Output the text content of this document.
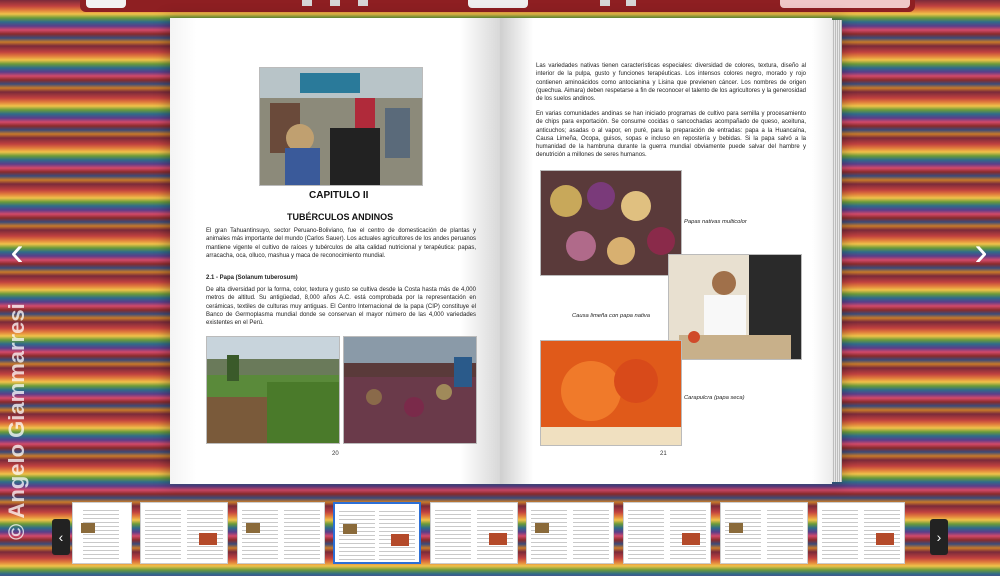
CAPITULO II
TUBÉRCULOS ANDINOS
El gran Tahuantinsuyo, sector Peruano-Boliviano, fue el centro de domesticación de plantas y animales más importante del mundo (Carlos Sauer). Los actuales agricultores de los andes peruanos mantiene vigente el cultivo de raíces y tubérculos de alta calidad nutricional y terapéutica: papas, arracacha, oca, olluco, mashua y maca de reconocimiento mundial.
2.1 - Papa (Solanum tuberosum)
De alta diversidad por la forma, color, textura y gusto se cultiva desde la Costa hasta más de 4,000 metros de altitud. Su antigüedad, 8,000 años A.C. está comprobada por la representación en cerámicas, textiles de culturas muy antiguas. El Centro Internacional de la papa (CIP) constituye el Banco de Germoplasma mundial donde se conservan el mayor número de las 4,000 variedades existentes en el Perú.
20
Las variedades nativas tienen características especiales: diversidad de colores, textura, diseño al interior de la pulpa, gusto y funciones terapéuticas. Los intensos colores negro, morado y rojo contienen aminoácidos como antocianina y Lisina que previenen cáncer. Los nombres de origen (quechua. Aimara) deben respetarse a fin de reconocer el talento de los agricultores y la generosidad de los suelos andinos.
En varias comunidades andinas se han iniciado programas de cultivo para semilla y procesamiento de chips para exportación. Se consume cocidas o sancochadas acompañado de queso, aceituna, anticuchos; asadas o al vapor, en puré, para la preparación de entradas: papa a la Huancaína, Causa Limeña, Ocopa, guisos, sopas e incluso en repostería y bebidas. Si la papa salvó a la humanidad de la hambruna durante la guerra mundial obviamente puede salvar del hambre y denutrición a millones de seres humanos.
Papas nativas multicolor
Causa limeña con papa nativa
Carapulcra (papa seca)
21
‹	›
© Angelo Giammarresi	‹	›
